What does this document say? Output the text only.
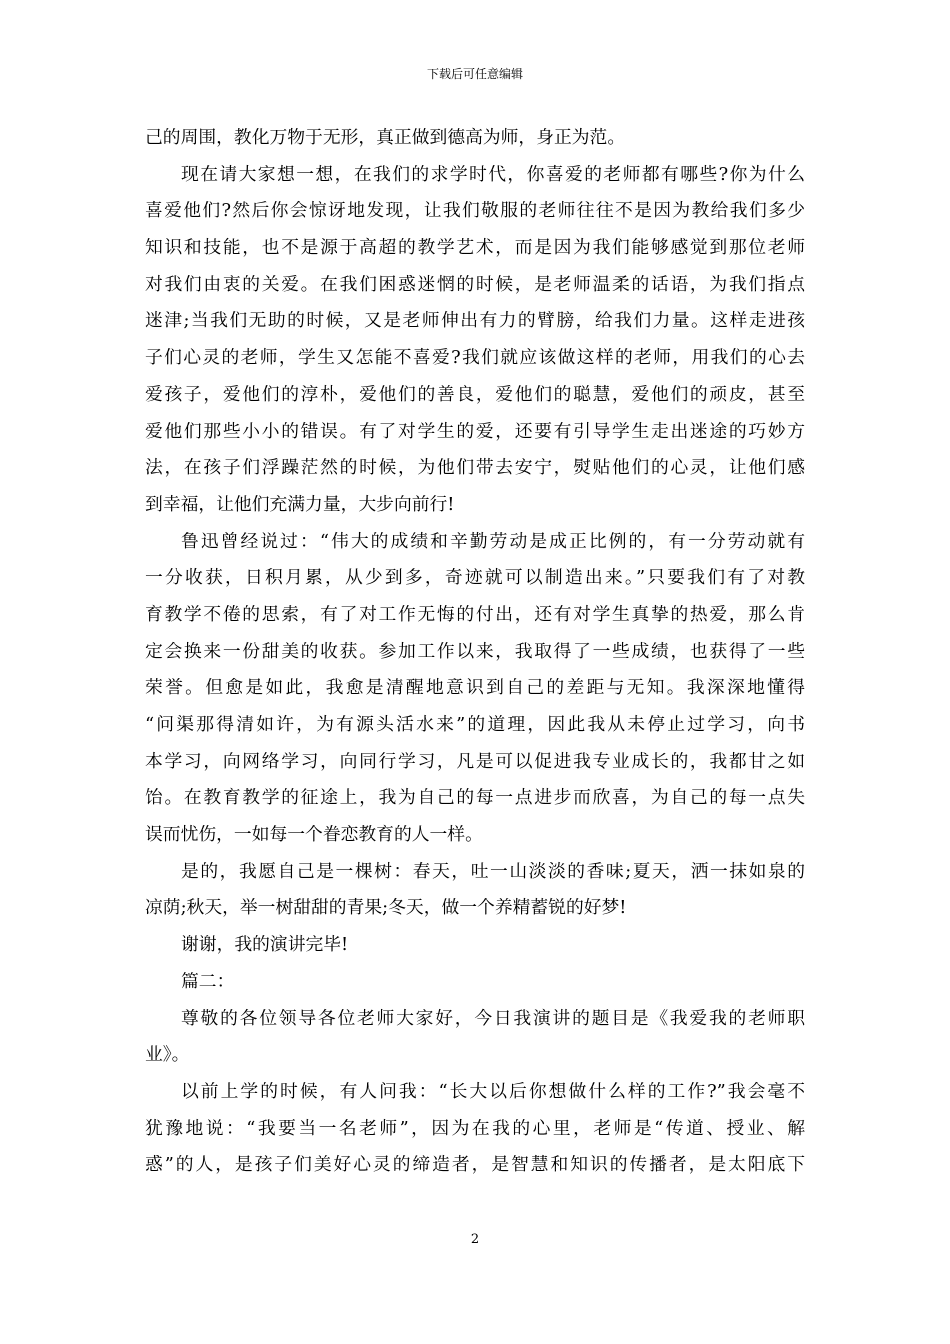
下载后可任意编辑
己的周围，教化万物于无形，真正做到德高为师，身正为范。
现在请大家想一想，在我们的求学时代，你喜爱的老师都有哪些?你为什么
喜爱他们?然后你会惊讶地发现，让我们敬服的老师往往不是因为教给我们多少
知识和技能，也不是源于高超的教学艺术，而是因为我们能够感觉到那位老师
对我们由衷的关爱。在我们困惑迷惘的时候，是老师温柔的话语，为我们指点
迷津;当我们无助的时候，又是老师伸出有力的臂膀，给我们力量。这样走进孩
子们心灵的老师，学生又怎能不喜爱?我们就应该做这样的老师，用我们的心去
爱孩子，爱他们的淳朴，爱他们的善良，爱他们的聪慧，爱他们的顽皮，甚至
爱他们那些小小的错误。有了对学生的爱，还要有引导学生走出迷途的巧妙方
法，在孩子们浮躁茫然的时候，为他们带去安宁，熨贴他们的心灵，让他们感
到幸福，让他们充满力量，大步向前行!
鲁迅曾经说过：“伟大的成绩和辛勤劳动是成正比例的，有一分劳动就有
一分收获，日积月累，从少到多，奇迹就可以制造出来。”只要我们有了对教
育教学不倦的思索，有了对工作无悔的付出，还有对学生真挚的热爱，那么肯
定会换来一份甜美的收获。参加工作以来，我取得了一些成绩，也获得了一些
荣誉。但愈是如此，我愈是清醒地意识到自己的差距与无知。我深深地懂得
“问渠那得清如许，为有源头活水来”的道理，因此我从未停止过学习，向书
本学习，向网络学习，向同行学习，凡是可以促进我专业成长的，我都甘之如
饴。在教育教学的征途上，我为自己的每一点进步而欣喜，为自己的每一点失
误而忧伤，一如每一个眷恋教育的人一样。
是的，我愿自己是一棵树：春天，吐一山淡淡的香味;夏天，洒一抹如泉的
凉荫;秋天，举一树甜甜的青果;冬天，做一个养精蓄锐的好梦!
谢谢，我的演讲完毕!
篇二：
尊敬的各位领导各位老师大家好，今日我演讲的题目是《我爱我的老师职
业》。
以前上学的时候，有人问我：“长大以后你想做什么样的工作?”我会毫不
犹豫地说：“我要当一名老师”，因为在我的心里，老师是“传道、授业、解
惑”的人，是孩子们美好心灵的缔造者，是智慧和知识的传播者，是太阳底下
2
